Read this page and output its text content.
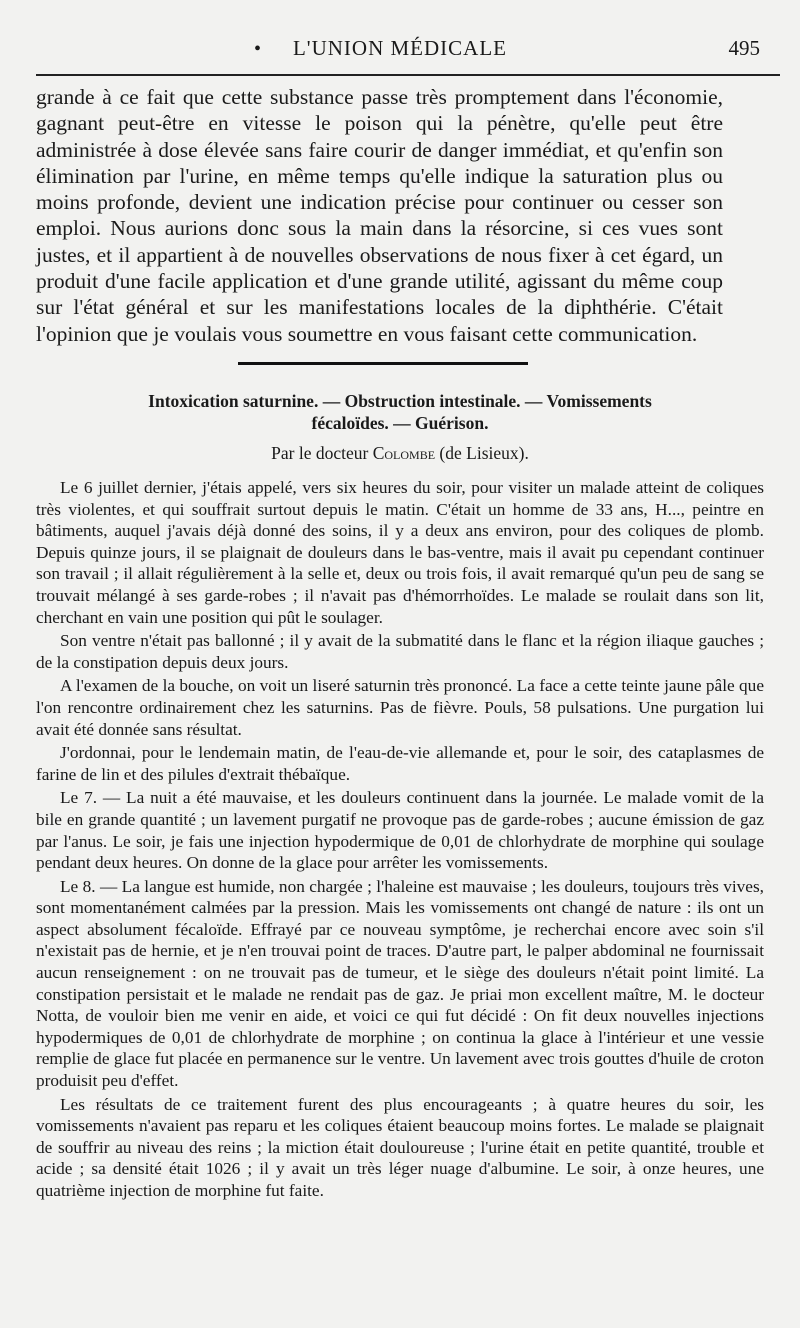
•	L'UNION MÉDICALE	495

grande à ce fait que cette substance passe très promptement dans l'économie, gagnant peut-être en vitesse le poison qui la pénètre, qu'elle peut être administrée à dose élevée sans faire courir de danger immédiat, et qu'enfin son élimination par l'urine, en même temps qu'elle indique la saturation plus ou moins profonde, devient une indication précise pour continuer ou cesser son emploi. Nous aurions donc sous la main dans la résorcine, si ces vues sont justes, et il appartient à de nouvelles observations de nous fixer à cet égard, un produit d'une facile application et d'une grande utilité, agissant du même coup sur l'état général et sur les manifestations locales de la diphthérie. C'était l'opinion que je voulais vous soumettre en vous faisant cette communication.

Intoxication saturnine. — Obstruction intestinale. — Vomissements
fécaloïdes. — Guérison.
Par le docteur Colombe (de Lisieux).

Le 6 juillet dernier, j'étais appelé, vers six heures du soir, pour visiter un malade atteint de coliques très violentes, et qui souffrait surtout depuis le matin. C'était un homme de 33 ans, H..., peintre en bâtiments, auquel j'avais déjà donné des soins, il y a deux ans environ, pour des coliques de plomb. Depuis quinze jours, il se plaignait de douleurs dans le bas-ventre, mais il avait pu cependant continuer son travail ; il allait régulièrement à la selle et, deux ou trois fois, il avait remarqué qu'un peu de sang se trouvait mélangé à ses garde-robes ; il n'avait pas d'hémorrhoïdes. Le malade se roulait dans son lit, cherchant en vain une position qui pût le soulager.

Son ventre n'était pas ballonné ; il y avait de la submatité dans le flanc et la région iliaque gauches ; de la constipation depuis deux jours.

A l'examen de la bouche, on voit un liseré saturnin très prononcé. La face a cette teinte jaune pâle que l'on rencontre ordinairement chez les saturnins. Pas de fièvre. Pouls, 58 pulsations. Une purgation lui avait été donnée sans résultat.

J'ordonnai, pour le lendemain matin, de l'eau-de-vie allemande et, pour le soir, des cataplasmes de farine de lin et des pilules d'extrait thébaïque.

Le 7. — La nuit a été mauvaise, et les douleurs continuent dans la journée. Le malade vomit de la bile en grande quantité ; un lavement purgatif ne provoque pas de garde-robes ; aucune émission de gaz par l'anus. Le soir, je fais une injection hypodermique de 0,01 de chlorhydrate de morphine qui soulage pendant deux heures. On donne de la glace pour arrêter les vomissements.

Le 8. — La langue est humide, non chargée ; l'haleine est mauvaise ; les douleurs, toujours très vives, sont momentanément calmées par la pression. Mais les vomissements ont changé de nature : ils ont un aspect absolument fécaloïde. Effrayé par ce nouveau symptôme, je recherchai encore avec soin s'il n'existait pas de hernie, et je n'en trouvai point de traces. D'autre part, le palper abdominal ne fournissait aucun renseignement : on ne trouvait pas de tumeur, et le siège des douleurs n'était point limité. La constipation persistait et le malade ne rendait pas de gaz. Je priai mon excellent maître, M. le docteur Notta, de vouloir bien me venir en aide, et voici ce qui fut décidé : On fit deux nouvelles injections hypodermiques de 0,01 de chlorhydrate de morphine ; on continua la glace à l'intérieur et une vessie remplie de glace fut placée en permanence sur le ventre. Un lavement avec trois gouttes d'huile de croton produisit peu d'effet.

Les résultats de ce traitement furent des plus encourageants ; à quatre heures du soir, les vomissements n'avaient pas reparu et les coliques étaient beaucoup moins fortes. Le malade se plaignait de souffrir au niveau des reins ; la miction était douloureuse ; l'urine était en petite quantité, trouble et acide ; sa densité était 1026 ; il y avait un très léger nuage d'albumine. Le soir, à onze heures, une quatrième injection de morphine fut faite.
